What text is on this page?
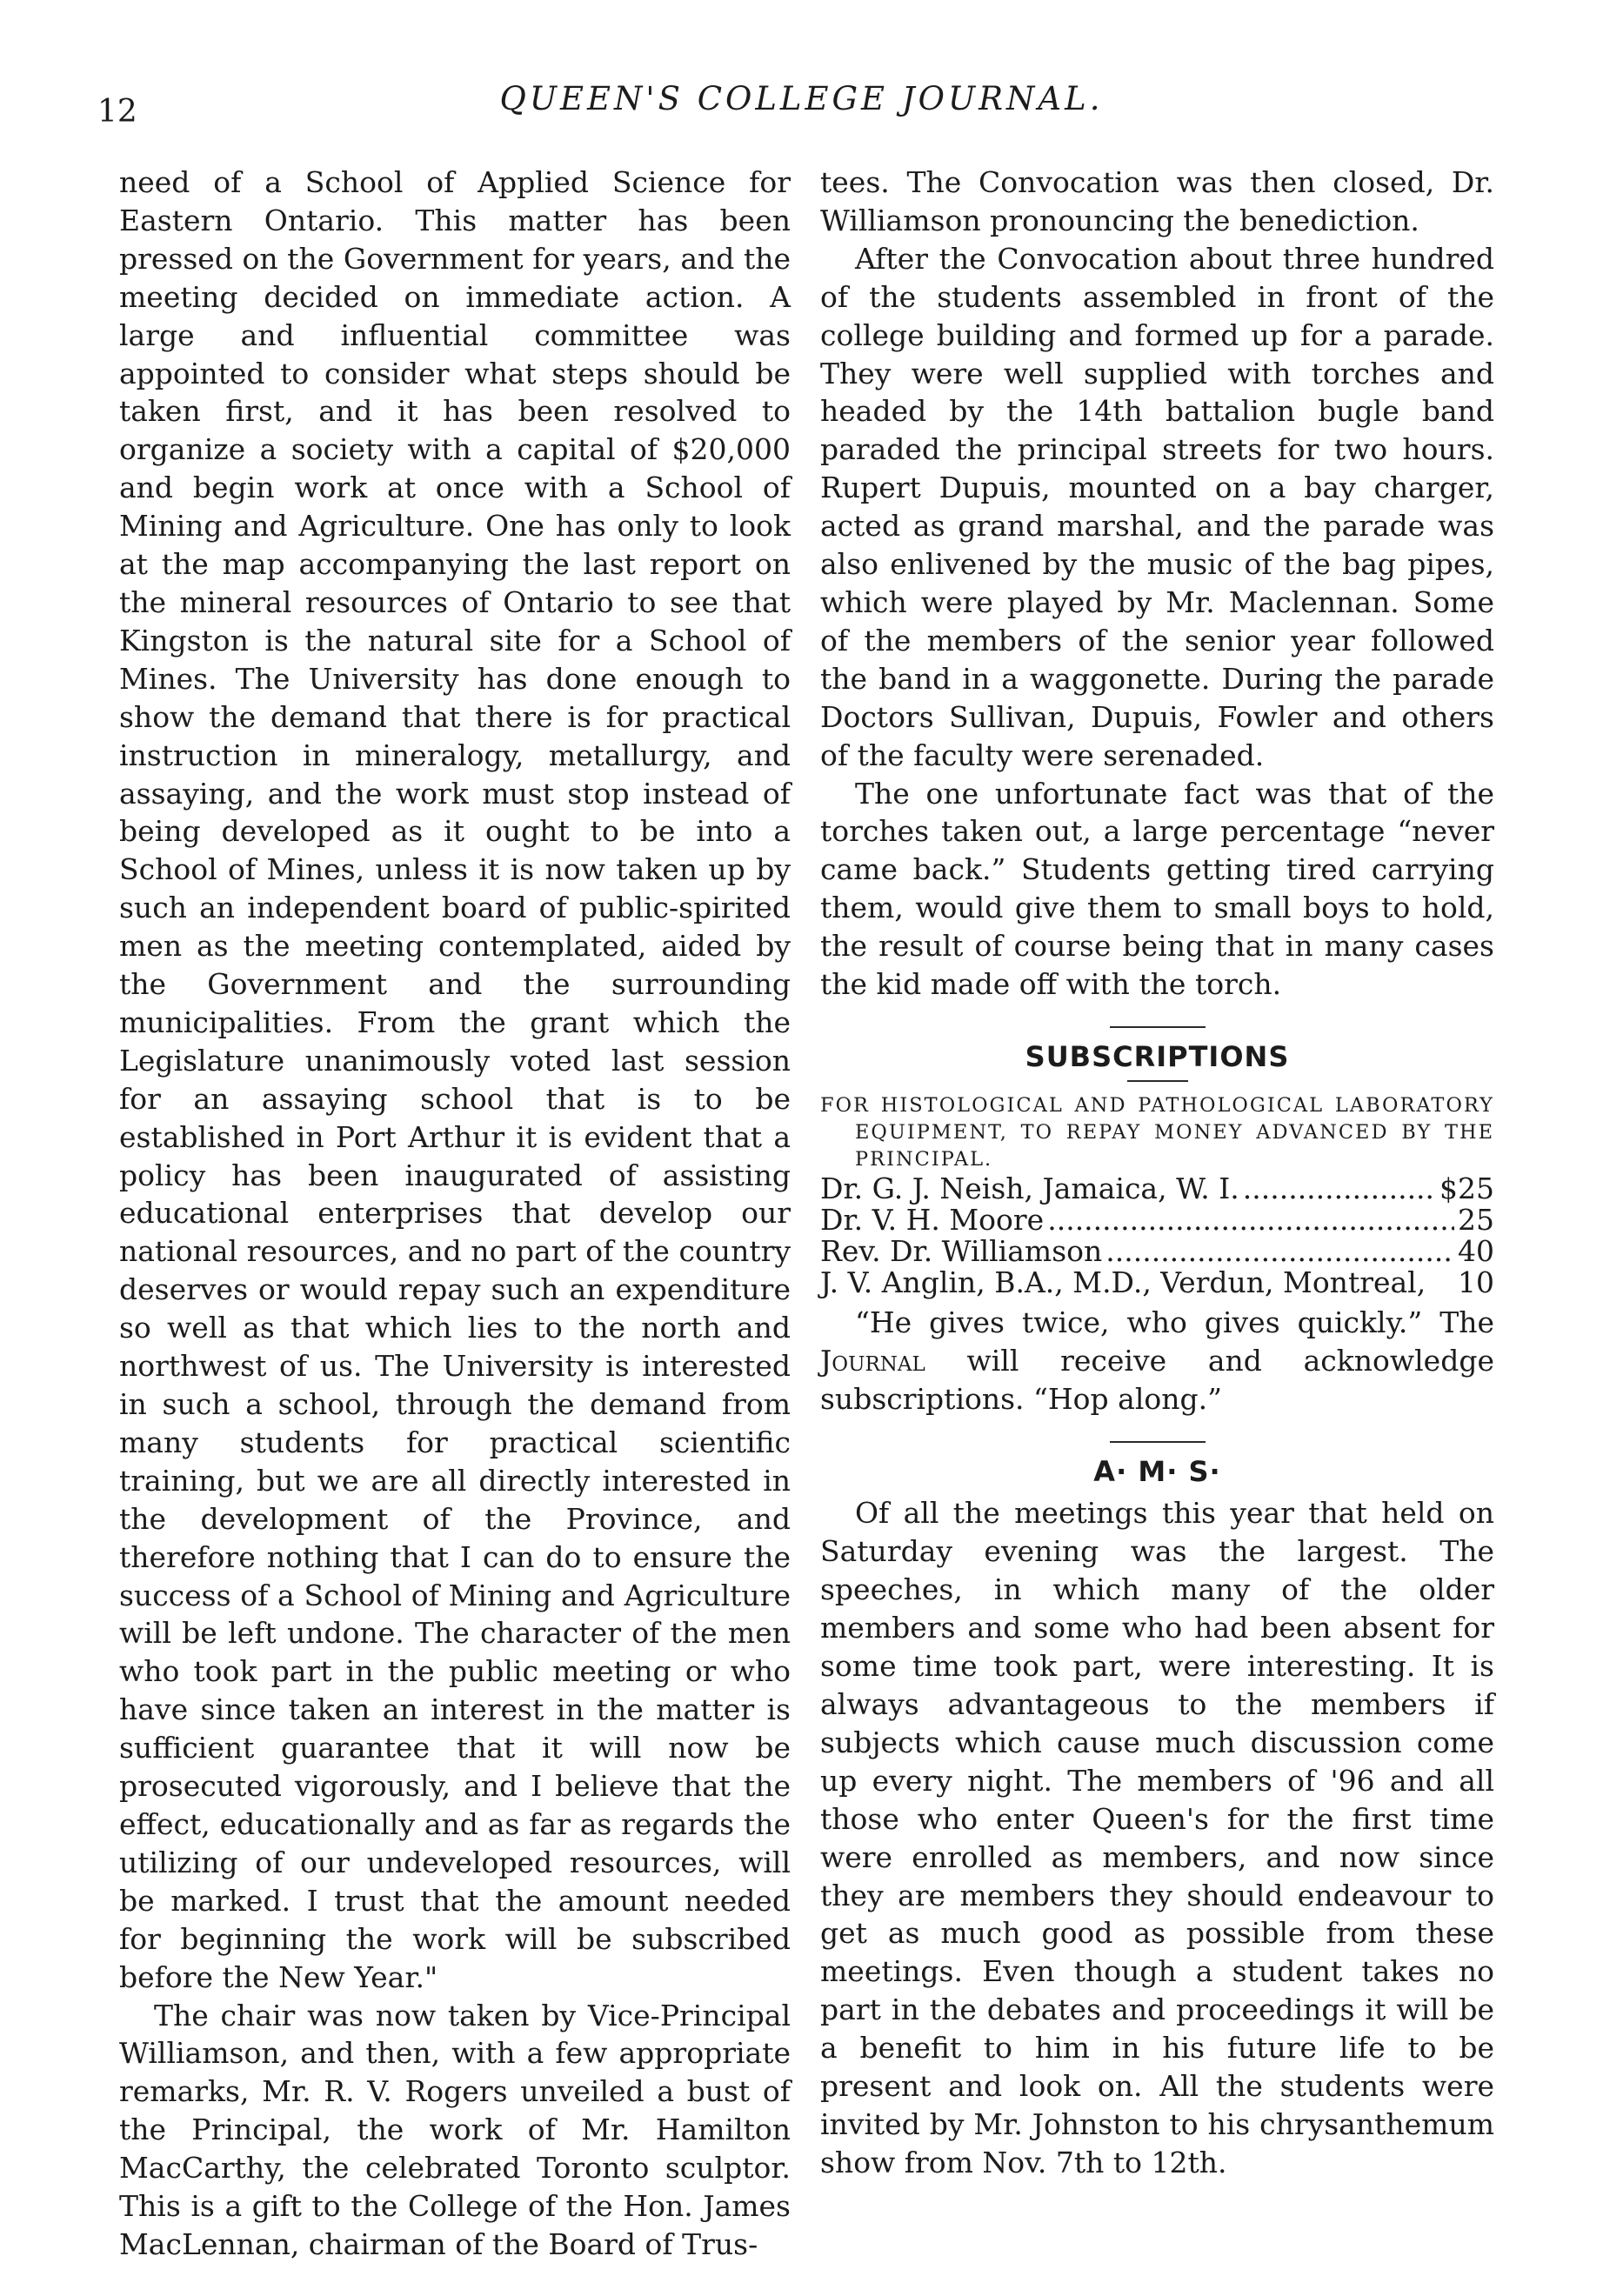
12	QUEEN'S COLLEGE JOURNAL.

need of a School of Applied Science for Eastern Ontario. This matter has been pressed on the Government for years, and the meeting decided on immediate action. A large and influential committee was appointed to consider what steps should be taken first, and it has been resolved to organize a society with a capital of $20,000 and begin work at once with a School of Mining and Agriculture. One has only to look at the map accompanying the last report on the mineral resources of Ontario to see that Kingston is the natural site for a School of Mines. The University has done enough to show the demand that there is for practical instruction in mineralogy, metallurgy, and assaying, and the work must stop instead of being developed as it ought to be into a School of Mines, unless it is now taken up by such an independent board of public-spirited men as the meeting contemplated, aided by the Government and the surrounding municipalities. From the grant which the Legislature unanimously voted last session for an assaying school that is to be established in Port Arthur it is evident that a policy has been inaugurated of assisting educational enterprises that develop our national resources, and no part of the country deserves or would repay such an expenditure so well as that which lies to the north and northwest of us. The University is interested in such a school, through the demand from many students for practical scientific training, but we are all directly interested in the development of the Province, and therefore nothing that I can do to ensure the success of a School of Mining and Agriculture will be left undone. The character of the men who took part in the public meeting or who have since taken an interest in the matter is sufficient guarantee that it will now be prosecuted vigorously, and I believe that the effect, educationally and as far as regards the utilizing of our undeveloped resources, will be marked. I trust that the amount needed for beginning the work will be subscribed before the New Year."

The chair was now taken by Vice-Principal Williamson, and then, with a few appropriate remarks, Mr. R. V. Rogers unveiled a bust of the Principal, the work of Mr. Hamilton MacCarthy, the celebrated Toronto sculptor. This is a gift to the College of the Hon. James MacLennan, chairman of the Board of Trus-

tees. The Convocation was then closed, Dr. Williamson pronouncing the benediction.

After the Convocation about three hundred of the students assembled in front of the college building and formed up for a parade. They were well supplied with torches and headed by the 14th battalion bugle band paraded the principal streets for two hours. Rupert Dupuis, mounted on a bay charger, acted as grand marshal, and the parade was also enlivened by the music of the bag pipes, which were played by Mr. Maclennan. Some of the members of the senior year followed the band in a waggonette. During the parade Doctors Sullivan, Dupuis, Fowler and others of the faculty were serenaded.

The one unfortunate fact was that of the torches taken out, a large percentage “never came back.” Students getting tired carrying them, would give them to small boys to hold, the result of course being that in many cases the kid made off with the torch.

SUBSCRIPTIONS

FOR HISTOLOGICAL AND PATHOLOGICAL LABORATORY EQUIPMENT, TO REPAY MONEY ADVANCED BY THE PRINCIPAL.

Dr. G. J. Neish, Jamaica, W. I. .....	$25
Dr. V. H. Moore .....	25
Rev. Dr. Williamson .....	40
J. V. Anglin, B.A., M.D., Verdun, Montreal, 10

“He gives twice, who gives quickly.” The Journal will receive and acknowledge subscriptions. “Hop along.”

A· M· S·

Of all the meetings this year that held on Saturday evening was the largest. The speeches, in which many of the older members and some who had been absent for some time took part, were interesting. It is always advantageous to the members if subjects which cause much discussion come up every night. The members of '96 and all those who enter Queen's for the first time were enrolled as members, and now since they are members they should endeavour to get as much good as possible from these meetings. Even though a student takes no part in the debates and proceedings it will be a benefit to him in his future life to be present and look on. All the students were invited by Mr. Johnston to his chrysanthemum show from Nov. 7th to 12th.
